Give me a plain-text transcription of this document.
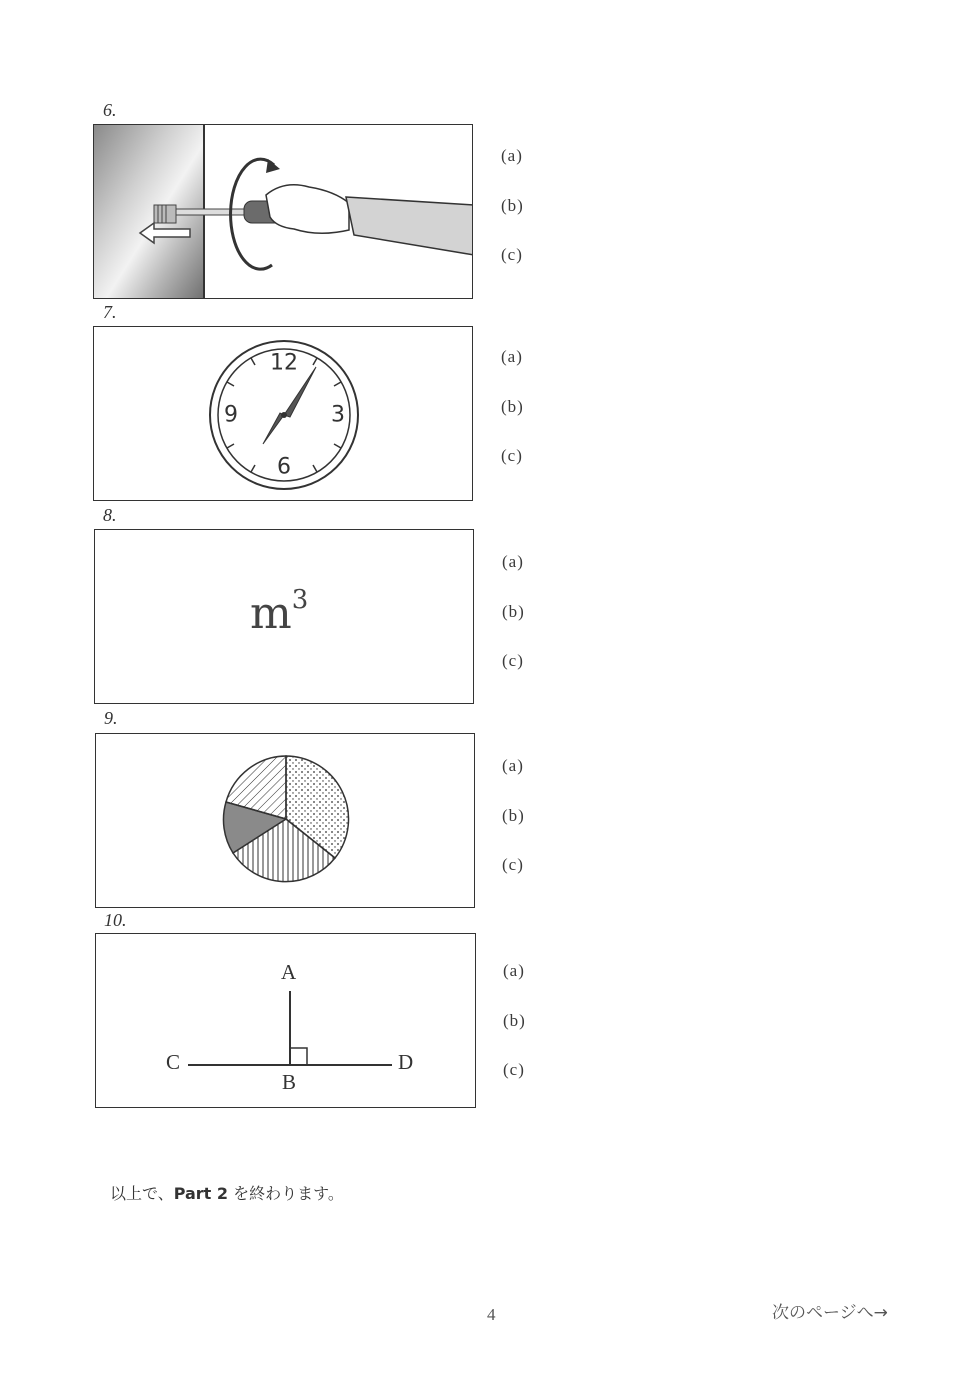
6.
(a)
(b)
(c)
7.
12
3
6
9
(a)
(b)
(c)
8.
$m^3$
(a)
(b)
(c)
9.
(a)
(b)
(c)
10.
A
B
C	D
(a)
(b)
(c)
以上で、Part 2 を終わります。
4	次のページへ→
